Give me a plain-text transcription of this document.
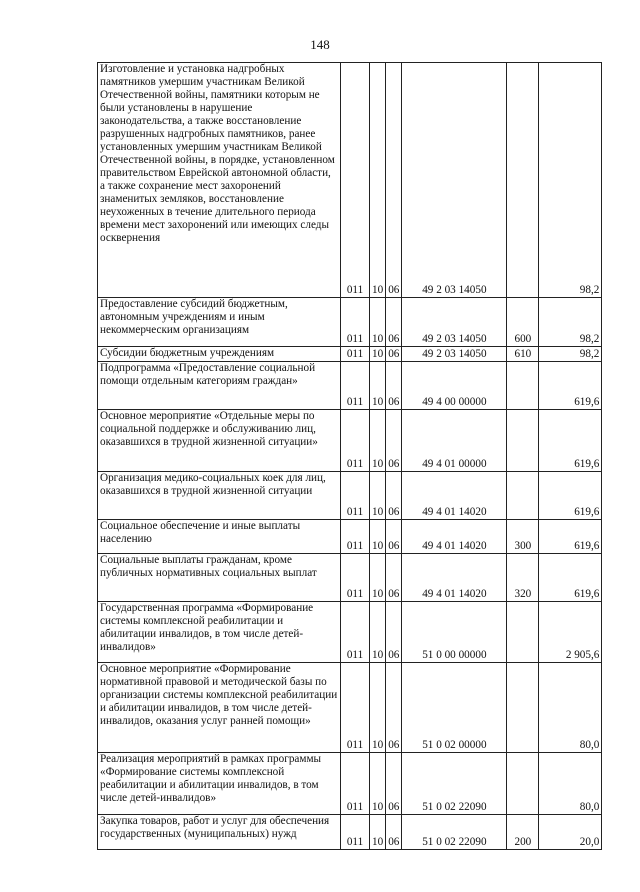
148
Изготовление и установка надгробных памятников умершим участникам Великой Отечественной войны, памятники которым не были установлены в нарушение законодательства, а также восстановление разрушенных надгробных памятников, ранее установленных умершим участникам Великой Отечественной войны, в порядке, установленном правительством Еврейской автономной области, а также сохранение мест захоронений знаменитых земляков, восстановление неухоженных в течение длительного периода времени мест захоронений или имеющих следы осквернения	011	10	06	49 2 03 14050		98,2
Предоставление субсидий бюджетным, автономным учреждениям и иным некоммерческим организациям	011	10	06	49 2 03 14050	600	98,2
Субсидии бюджетным учреждениям	011	10	06	49 2 03 14050	610	98,2
Подпрограмма «Предоставление социальной помощи отдельным категориям граждан»	011	10	06	49 4 00 00000		619,6
Основное мероприятие «Отдельные меры по социальной поддержке и обслуживанию лиц, оказавшихся в трудной жизненной ситуации»	011	10	06	49 4 01 00000		619,6
Организация медико-социальных коек для лиц, оказавшихся в трудной жизненной ситуации	011	10	06	49 4 01 14020		619,6
Социальное обеспечение и иные выплаты населению	011	10	06	49 4 01 14020	300	619,6
Социальные выплаты гражданам, кроме публичных нормативных социальных выплат	011	10	06	49 4 01 14020	320	619,6
Государственная программа «Формирование системы комплексной реабилитации и абилитации инвалидов, в том числе детей-инвалидов»	011	10	06	51 0 00 00000		2 905,6
Основное мероприятие «Формирование нормативной правовой и методической базы по организации системы комплексной реабилитации и абилитации инвалидов, в том числе детей-инвалидов, оказания услуг ранней помощи»	011	10	06	51 0 02 00000		80,0
Реализация мероприятий в рамках программы «Формирование системы комплексной реабилитации и абилитации инвалидов, в том числе детей-инвалидов»	011	10	06	51 0 02 22090		80,0
Закупка товаров, работ и услуг для обеспечения государственных (муниципальных) нужд	011	10	06	51 0 02 22090	200	20,0
